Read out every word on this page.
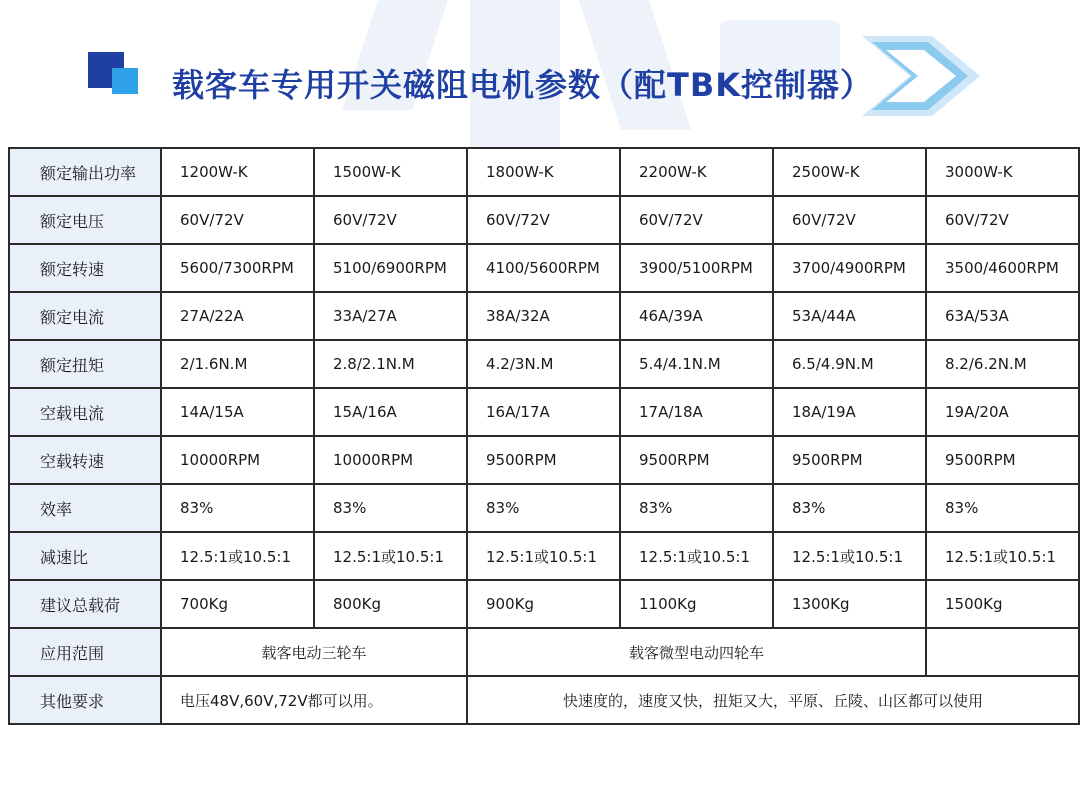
载客车专用开关磁阻电机参数（配TBK控制器）
额定输出功率	1200W-K	1500W-K	1800W-K	2200W-K	2500W-K	3000W-K
额定电压	60V/72V	60V/72V	60V/72V	60V/72V	60V/72V	60V/72V
额定转速	5600/7300RPM	5100/6900RPM	4100/5600RPM	3900/5100RPM	3700/4900RPM	3500/4600RPM
额定电流	27A/22A	33A/27A	38A/32A	46A/39A	53A/44A	63A/53A
额定扭矩	2/1.6N.M	2.8/2.1N.M	4.2/3N.M	5.4/4.1N.M	6.5/4.9N.M	8.2/6.2N.M
空载电流	14A/15A	15A/16A	16A/17A	17A/18A	18A/19A	19A/20A
空载转速	10000RPM	10000RPM	9500RPM	9500RPM	9500RPM	9500RPM
效率	83%	83%	83%	83%	83%	83%
减速比	12.5:1或10.5:1	12.5:1或10.5:1	12.5:1或10.5:1	12.5:1或10.5:1	12.5:1或10.5:1	12.5:1或10.5:1
建议总载荷	700Kg	800Kg	900Kg	1100Kg	1300Kg	1500Kg
应用范围	载客电动三轮车		载客微型电动四轮车			
其他要求	电压48V,60V,72V都可以用。		快速度的，速度又快，扭矩又大，平原、丘陵、山区都可以使用			
